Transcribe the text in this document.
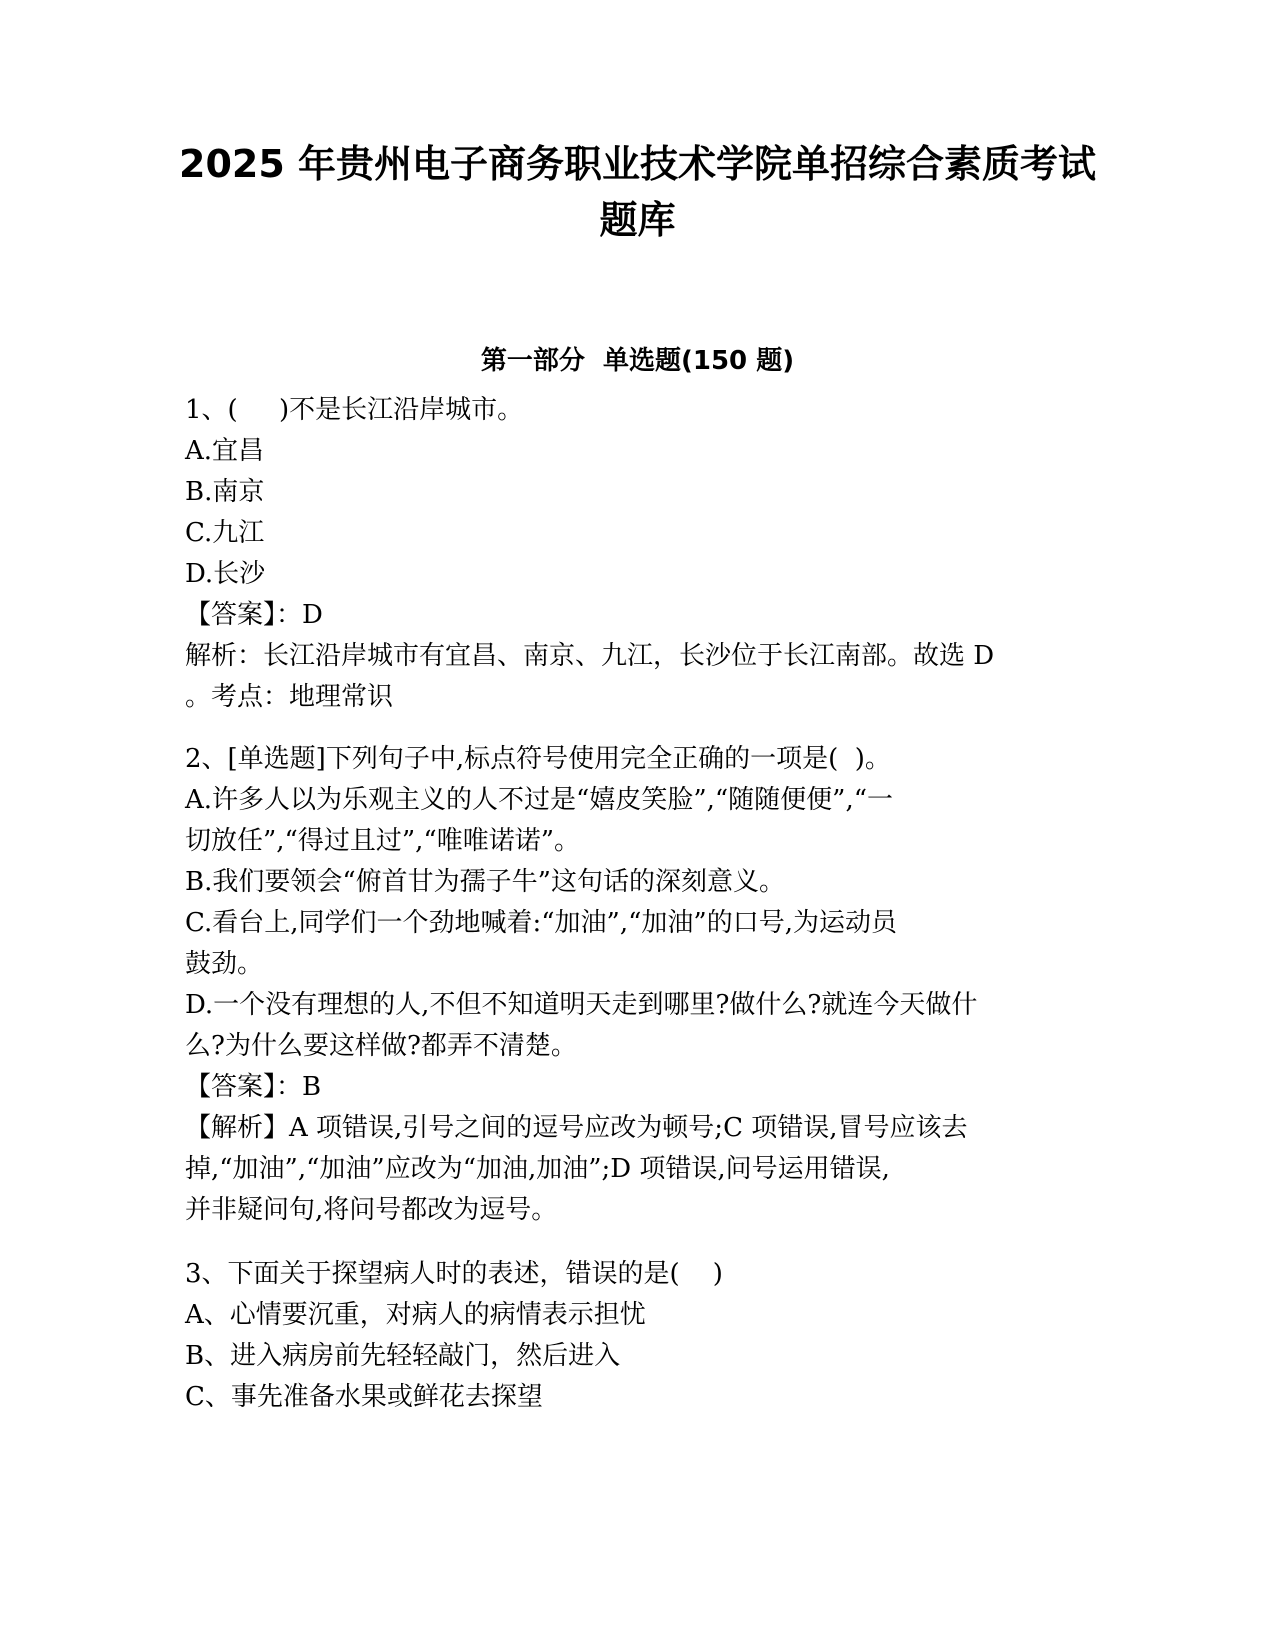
2025 年贵州电子商务职业技术学院单招综合素质考试
题库
第一部分  单选题(150 题)

1、(     )不是长江沿岸城市。

A.宜昌

B.南京

C.九江

D.长沙

【答案】：D

解析：长江沿岸城市有宜昌、南京、九江，长沙位于长江南部。故选 D

。考点：地理常识

2、[单选题]下列句子中,标点符号使用完全正确的一项是(  )。

A.许多人以为乐观主义的人不过是“嬉皮笑脸”,“随随便便”,“一

切放任”,“得过且过”,“唯唯诺诺”。

B.我们要领会“俯首甘为孺子牛”这句话的深刻意义。

C.看台上,同学们一个劲地喊着:“加油”,“加油”的口号,为运动员

鼓劲。

D.一个没有理想的人,不但不知道明天走到哪里?做什么?就连今天做什

么?为什么要这样做?都弄不清楚。

【答案】：B

【解析】A 项错误,引号之间的逗号应改为顿号;C 项错误,冒号应该去

掉,“加油”,“加油”应改为“加油,加油”;D 项错误,问号运用错误,

并非疑问句,将问号都改为逗号。

3、下面关于探望病人时的表述，错误的是(    )

A、心情要沉重，对病人的病情表示担忧

B、进入病房前先轻轻敲门，然后进入

C、事先准备水果或鲜花去探望
